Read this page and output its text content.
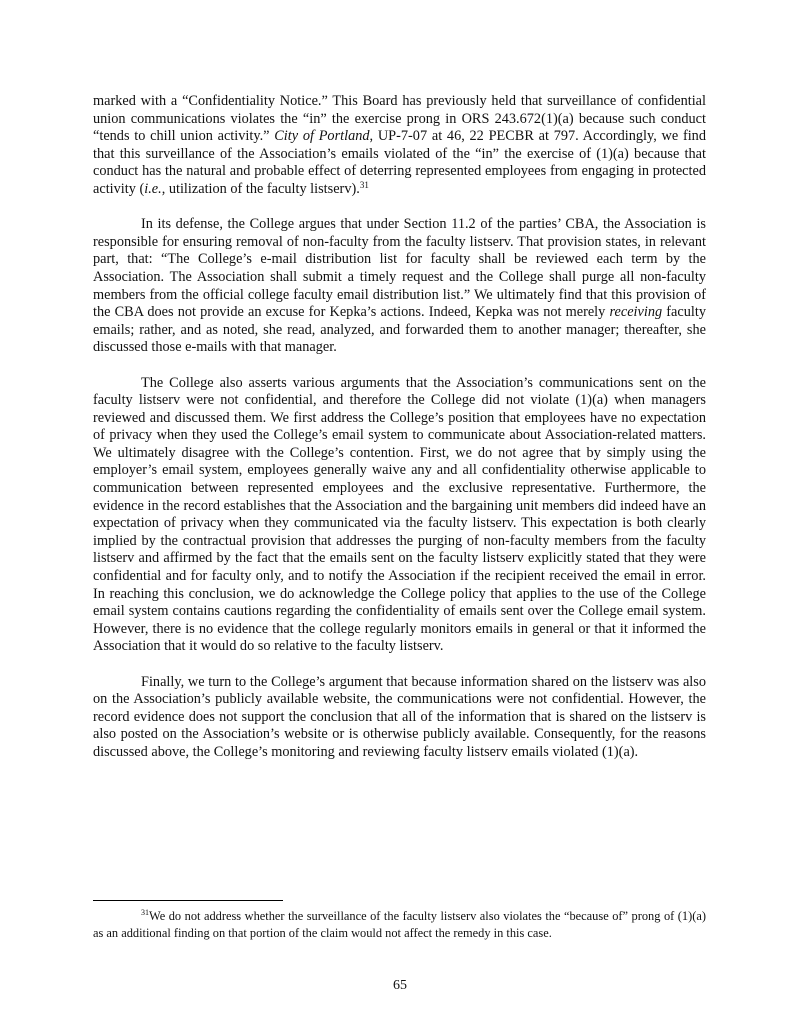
marked with a “Confidentiality Notice.” This Board has previously held that surveillance of confidential union communications violates the “in” the exercise prong in ORS 243.672(1)(a) because such conduct “tends to chill union activity.” City of Portland, UP-7-07 at 46, 22 PECBR at 797. Accordingly, we find that this surveillance of the Association’s emails violated of the “in” the exercise of (1)(a) because that conduct has the natural and probable effect of deterring represented employees from engaging in protected activity (i.e., utilization of the faculty listserv).$^{31}$

In its defense, the College argues that under Section 11.2 of the parties’ CBA, the Association is responsible for ensuring removal of non-faculty from the faculty listserv. That provision states, in relevant part, that: “The College’s e-mail distribution list for faculty shall be reviewed each term by the Association. The Association shall submit a timely request and the College shall purge all non-faculty members from the official college faculty email distribution list.” We ultimately find that this provision of the CBA does not provide an excuse for Kepka’s actions. Indeed, Kepka was not merely receiving faculty emails; rather, and as noted, she read, analyzed, and forwarded them to another manager; thereafter, she discussed those e-mails with that manager.

The College also asserts various arguments that the Association’s communications sent on the faculty listserv were not confidential, and therefore the College did not violate (1)(a) when managers reviewed and discussed them. We first address the College’s position that employees have no expectation of privacy when they used the College’s email system to communicate about Association-related matters. We ultimately disagree with the College’s contention. First, we do not agree that by simply using the employer’s email system, employees generally waive any and all confidentiality otherwise applicable to communication between represented employees and the exclusive representative. Furthermore, the evidence in the record establishes that the Association and the bargaining unit members did indeed have an expectation of privacy when they communicated via the faculty listserv. This expectation is both clearly implied by the contractual provision that addresses the purging of non-faculty members from the faculty listserv and affirmed by the fact that the emails sent on the faculty listserv explicitly stated that they were confidential and for faculty only, and to notify the Association if the recipient received the email in error. In reaching this conclusion, we do acknowledge the College policy that applies to the use of the College email system contains cautions regarding the confidentiality of emails sent over the College email system. However, there is no evidence that the college regularly monitors emails in general or that it informed the Association that it would do so relative to the faculty listserv.

Finally, we turn to the College’s argument that because information shared on the listserv was also on the Association’s publicly available website, the communications were not confidential. However, the record evidence does not support the conclusion that all of the information that is shared on the listserv is also posted on the Association’s website or is otherwise publicly available. Consequently, for the reasons discussed above, the College’s monitoring and reviewing faculty listserv emails violated (1)(a).

$^{31}$We do not address whether the surveillance of the faculty listserv also violates the “because of” prong of (1)(a) as an additional finding on that portion of the claim would not affect the remedy in this case.
65
